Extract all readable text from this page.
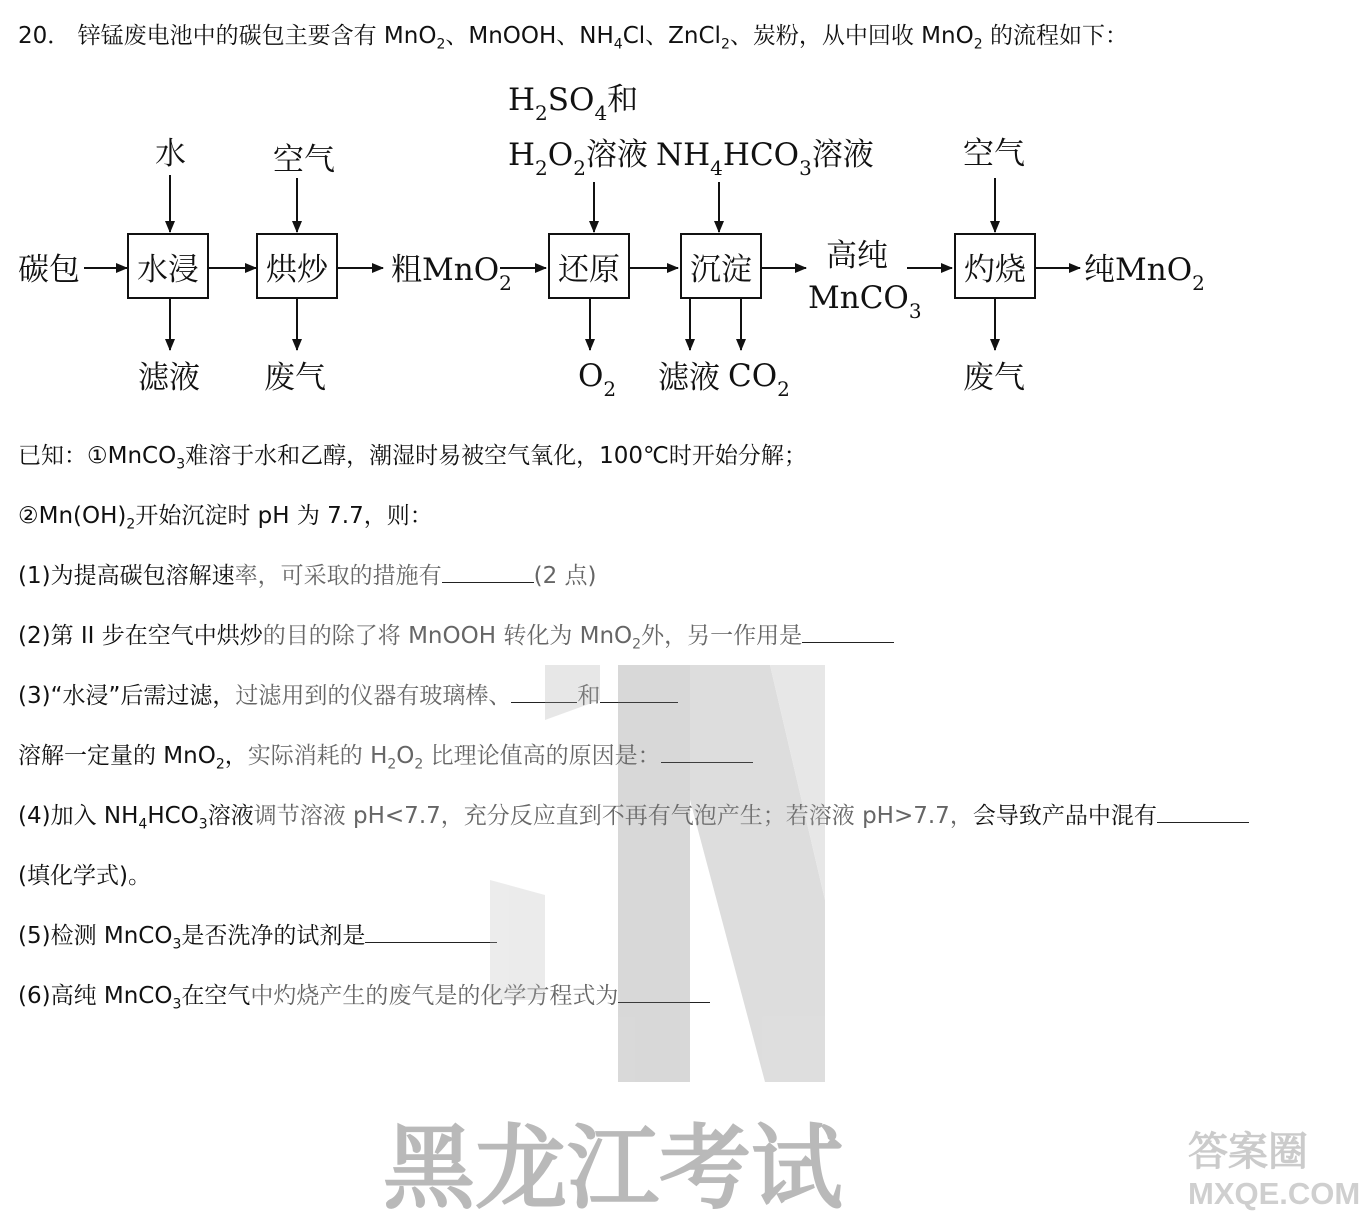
20． 锌锰废电池中的碳包主要含有 MnO$_2$、MnOOH、$NH_4Cl$、ZnCl$_2$、炭粉，从中回收 MnO$_2$ 的流程如下：
碳包 水浸
水
滤液
烘炒
空气
废气
粗MnO$_2$ 还原
$H_2SO_4$和
$H_2O_2$溶液
$O_2$
沉淀
$NH_4HCO_3$溶液
滤液 $CO_2$
高纯
MnCO$_3$
灼烧
空气
废气
纯MnO$_2$
已知：①MnCO$_3$难溶于水和乙醇，潮湿时易被空气氧化，100℃时开始分解；
$②Mn(OH)_2$开始沉淀时 pH 为 7.7，则：
(1)为提高碳包溶解速率，可采取的措施有	(2 点)
(2)第 II 步在空气中烘炒的目的除了将 MnOOH 转化为 MnO$_2$外，另一作用是
(3)“水浸”后需过滤，过滤用到的仪器有玻璃棒、	和
溶解一定量的 MnO$_2$，实际消耗的 $H_2O_2$ 比理论值高的原因是：
(4)加入 $NH_4HCO_3$溶液调节溶液 pH<7.7，充分反应直到不再有气泡产生；若溶液 pH>7.7，会导致产品中混有
(填化学式)。
(5)检测 MnCO$_3$是否洗净的试剂是
(6)高纯 MnCO$_3$在空气中灼烧产生的废气是的化学方程式为
黑龙江考试	答案圈
MXQE.COM
